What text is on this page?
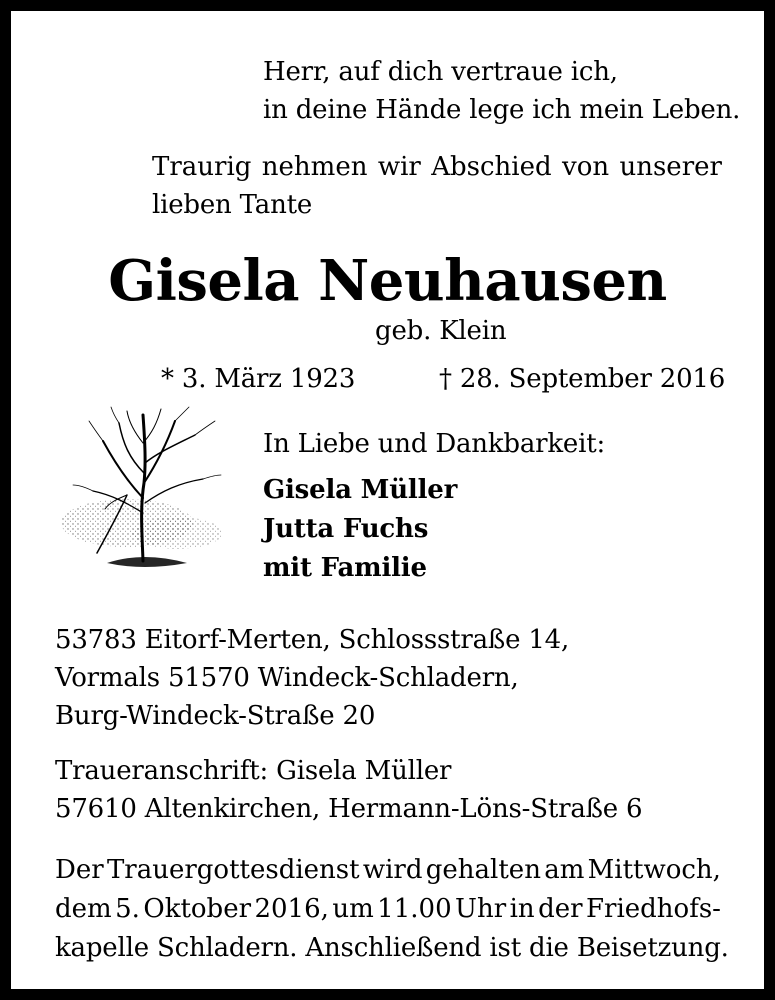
Herr, auf dich vertraue ich,
in deine Hände lege ich mein Leben.
Traurig nehmen wir Abschied von unserer
lieben Tante
Gisela Neuhausen
geb. Klein
* 3. März 1923	† 28. September 2016
In Liebe und Dankbarkeit:
Gisela Müller
Jutta Fuchs
mit Familie
53783 Eitorf-Merten, Schlossstraße 14,
Vormals 51570 Windeck-Schladern,
Burg-Windeck-Straße 20
Traueranschrift: Gisela Müller
57610 Altenkirchen, Hermann-Löns-Straße 6
Der Trauergottesdienst wird gehalten am Mittwoch,
dem 5. Oktober 2016, um 11.00 Uhr in der Friedhofs-
kapelle Schladern. Anschließend ist die Beisetzung.
